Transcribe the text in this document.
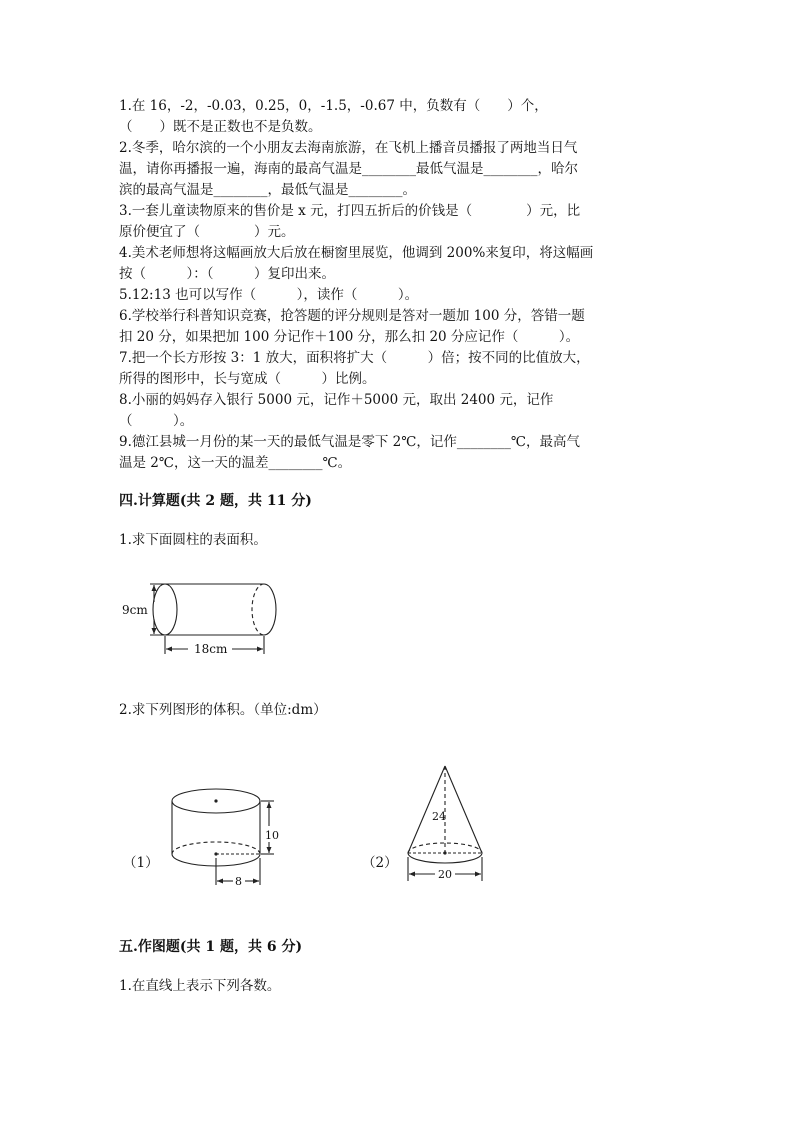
1.在 16，-2，-0.03，0.25，0，-1.5，-0.67 中，负数有（　　）个，
（　　）既不是正数也不是负数。
2.冬季，哈尔滨的一个小朋友去海南旅游，在飞机上播音员播报了两地当日气
温，请你再播报一遍，海南的最高气温是________最低气温是________，哈尔
滨的最高气温是________，最低气温是________。
3.一套儿童读物原来的售价是 x 元，打四五折后的价钱是（　　　　）元，比
原价便宜了（　　　　）元。
4.美术老师想将这幅画放大后放在橱窗里展览，他调到 200%来复印，将这幅画
按（　　　）：（　　　）复印出来。
5.12:13 也可以写作（　　　），读作（　　　）。
6.学校举行科普知识竞赛，抢答题的评分规则是答对一题加 100 分，答错一题
扣 20 分，如果把加 100 分记作＋100 分，那么扣 20 分应记作（　　　）。
7.把一个长方形按 3：1 放大，面积将扩大（　　　）倍；按不同的比值放大，
所得的图形中，长与宽成（　　　）比例。
8.小丽的妈妈存入银行 5000 元，记作＋5000 元，取出 2400 元，记作
（　　　）。
9.德江县城一月份的某一天的最低气温是零下 2℃，记作________℃，最高气
温是 2℃，这一天的温差________℃。
四.计算题(共 2 题，共 11 分)
1.求下面圆柱的表面积。
9cm
18cm
2.求下列图形的体积。（单位:dm）
（1）
10
8
（2）
24
20
五.作图题(共 1 题，共 6 分)
1.在直线上表示下列各数。
